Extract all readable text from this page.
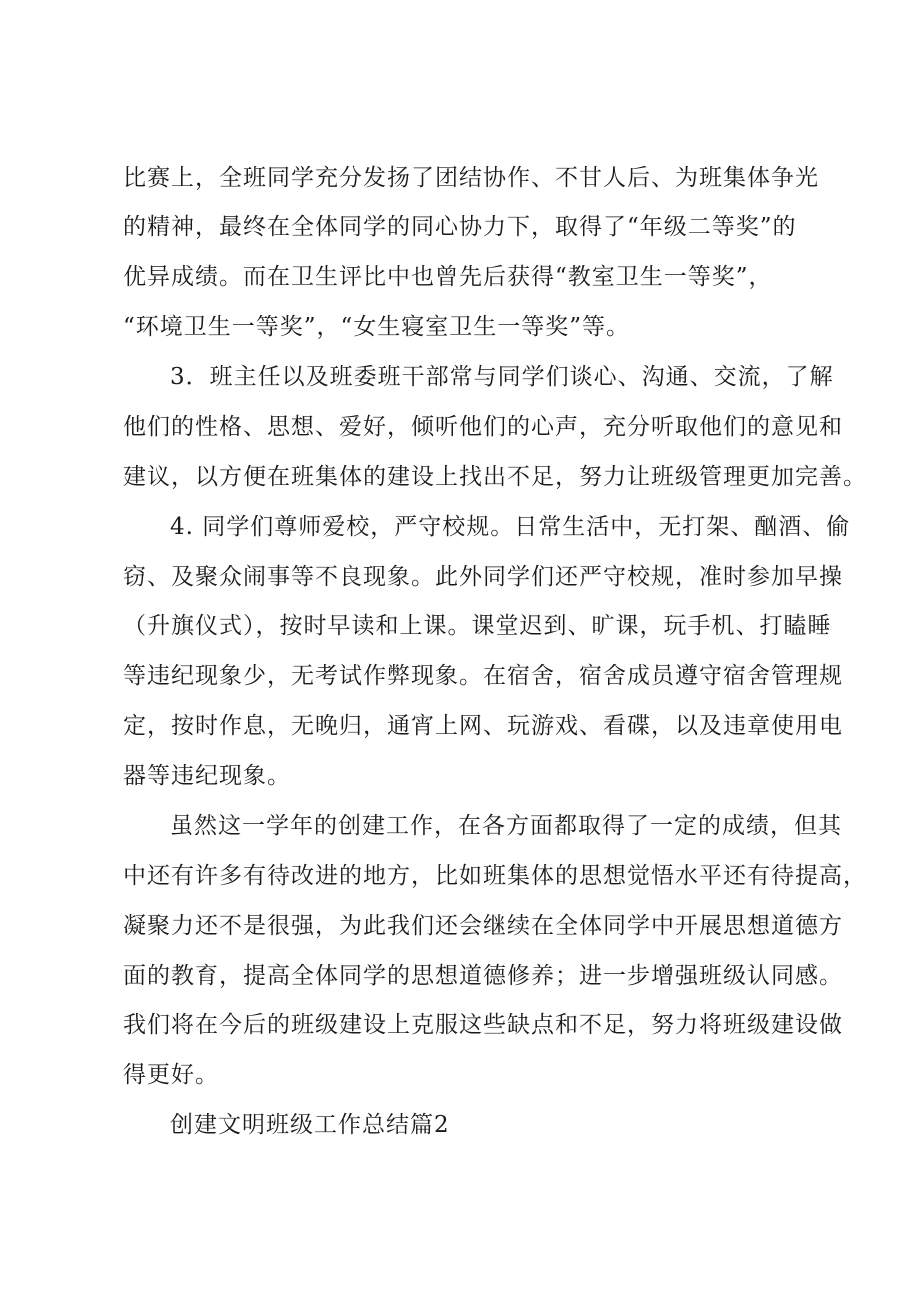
比赛上，全班同学充分发扬了团结协作、不甘人后、为班集体争光
的精神，最终在全体同学的同心协力下，取得了“年级二等奖”的
优异成绩。而在卫生评比中也曾先后获得“教室卫生一等奖”，
“环境卫生一等奖”，“女生寝室卫生一等奖”等。
3．班主任以及班委班干部常与同学们谈心、沟通、交流，了解
他们的性格、思想、爱好，倾听他们的心声，充分听取他们的意见和
建议，以方便在班集体的建设上找出不足，努力让班级管理更加完善。
4. 同学们尊师爱校，严守校规。日常生活中，无打架、酗酒、偷
窃、及聚众闹事等不良现象。此外同学们还严守校规，准时参加早操
（升旗仪式），按时早读和上课。课堂迟到、旷课，玩手机、打瞌睡
等违纪现象少，无考试作弊现象。在宿舍，宿舍成员遵守宿舍管理规
定，按时作息，无晚归，通宵上网、玩游戏、看碟，以及违章使用电
器等违纪现象。
虽然这一学年的创建工作，在各方面都取得了一定的成绩，但其
中还有许多有待改进的地方，比如班集体的思想觉悟水平还有待提高，
凝聚力还不是很强，为此我们还会继续在全体同学中开展思想道德方
面的教育，提高全体同学的思想道德修养；进一步增强班级认同感。
我们将在今后的班级建设上克服这些缺点和不足，努力将班级建设做
得更好。
创建文明班级工作总结篇2
